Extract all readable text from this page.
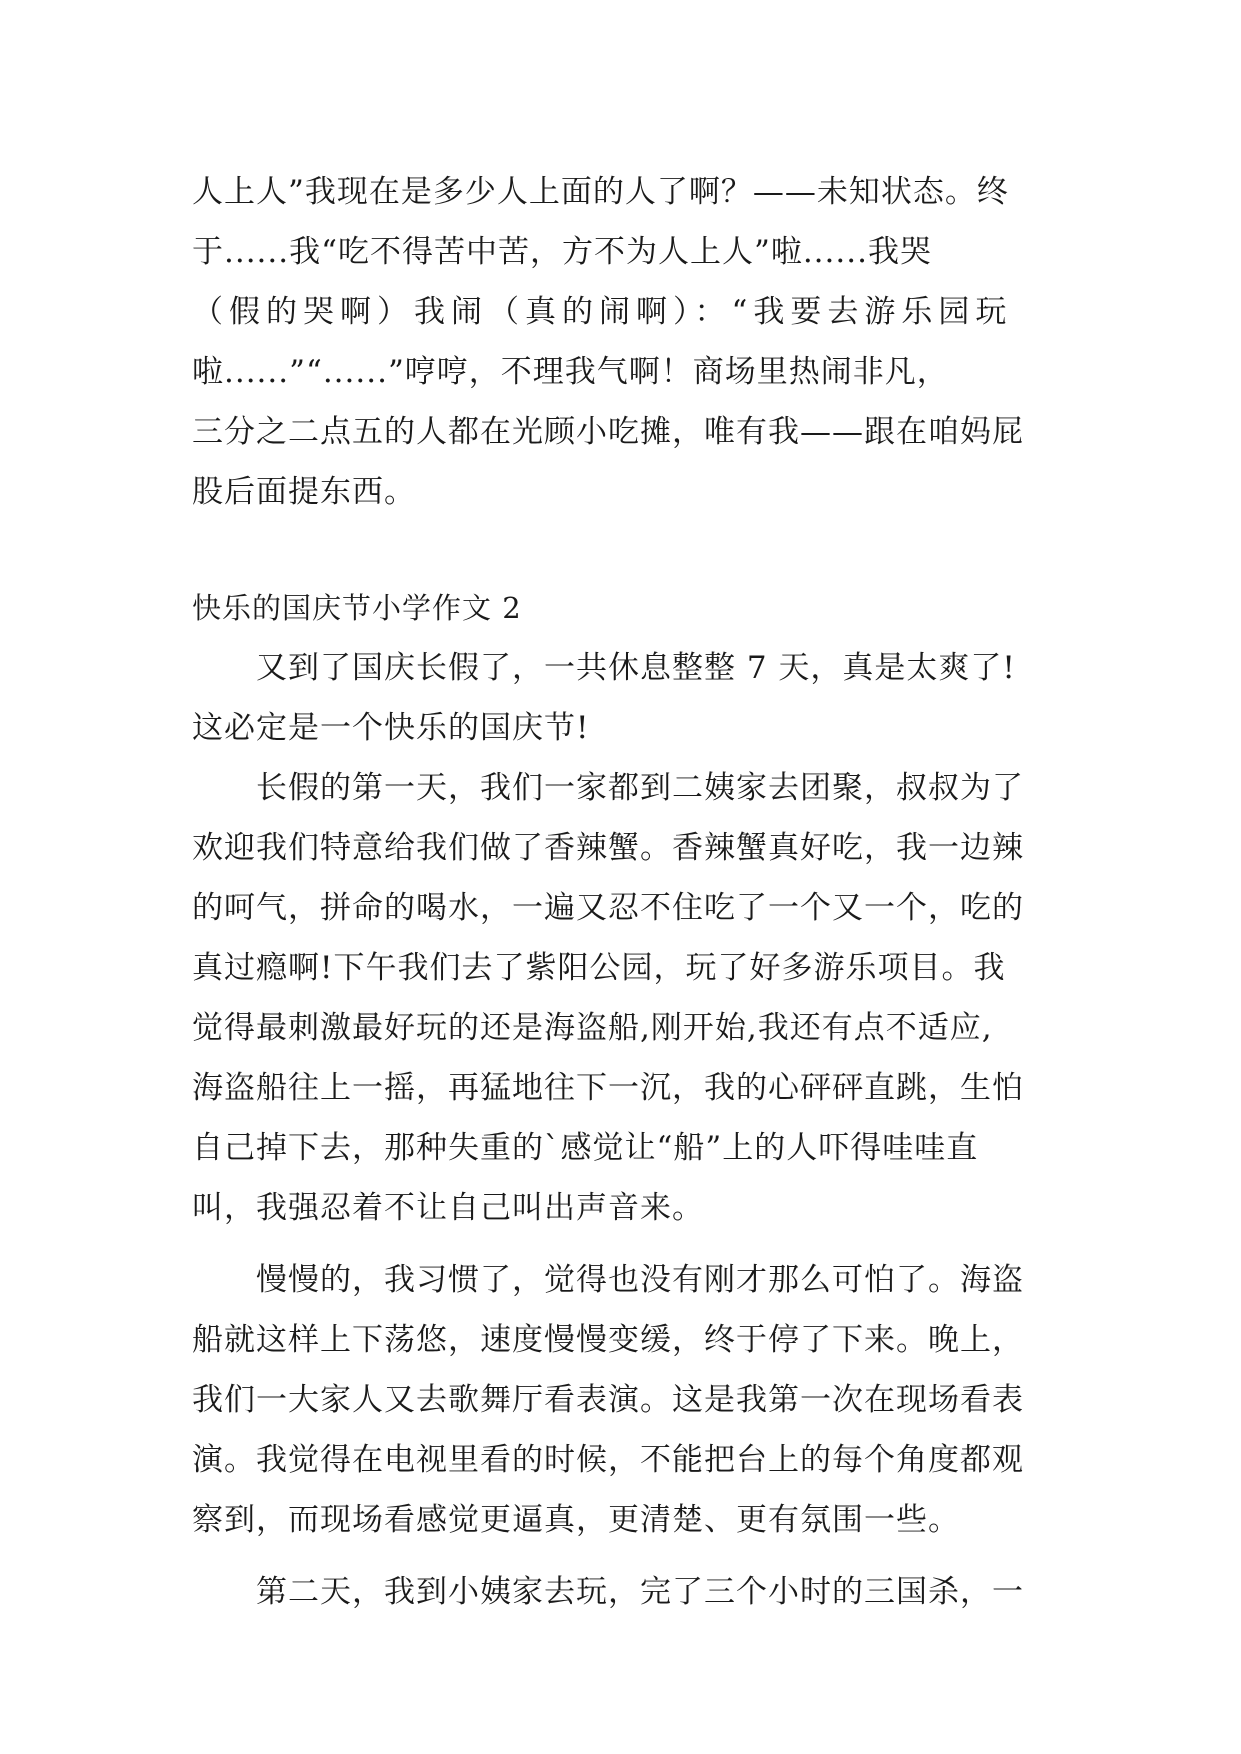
人上人”我现在是多少人上面的人了啊？——未知状态。终
于......我“吃不得苦中苦，方不为人上人”啦......我哭
（假的哭啊）我闹（真的闹啊）：“我要去游乐园玩
啦......”“......”哼哼，不理我气啊！商场里热闹非凡，
三分之二点五的人都在光顾小吃摊，唯有我——跟在咱妈屁
股后面提东西。
快乐的国庆节小学作文 2
又到了国庆长假了，一共休息整整 7 天，真是太爽了!
这必定是一个快乐的国庆节!
长假的第一天，我们一家都到二姨家去团聚，叔叔为了
欢迎我们特意给我们做了香辣蟹。香辣蟹真好吃，我一边辣
的呵气，拼命的喝水，一遍又忍不住吃了一个又一个，吃的
真过瘾啊!下午我们去了紫阳公园，玩了好多游乐项目。我
觉得最刺激最好玩的还是海盗船,刚开始,我还有点不适应,
海盗船往上一摇，再猛地往下一沉，我的心砰砰直跳，生怕
自己掉下去，那种失重的`感觉让“船”上的人吓得哇哇直
叫，我强忍着不让自己叫出声音来。
慢慢的，我习惯了，觉得也没有刚才那么可怕了。海盗
船就这样上下荡悠，速度慢慢变缓，终于停了下来。晚上，
我们一大家人又去歌舞厅看表演。这是我第一次在现场看表
演。我觉得在电视里看的时候，不能把台上的每个角度都观
察到，而现场看感觉更逼真，更清楚、更有氛围一些。
第二天，我到小姨家去玩，完了三个小时的三国杀，一
